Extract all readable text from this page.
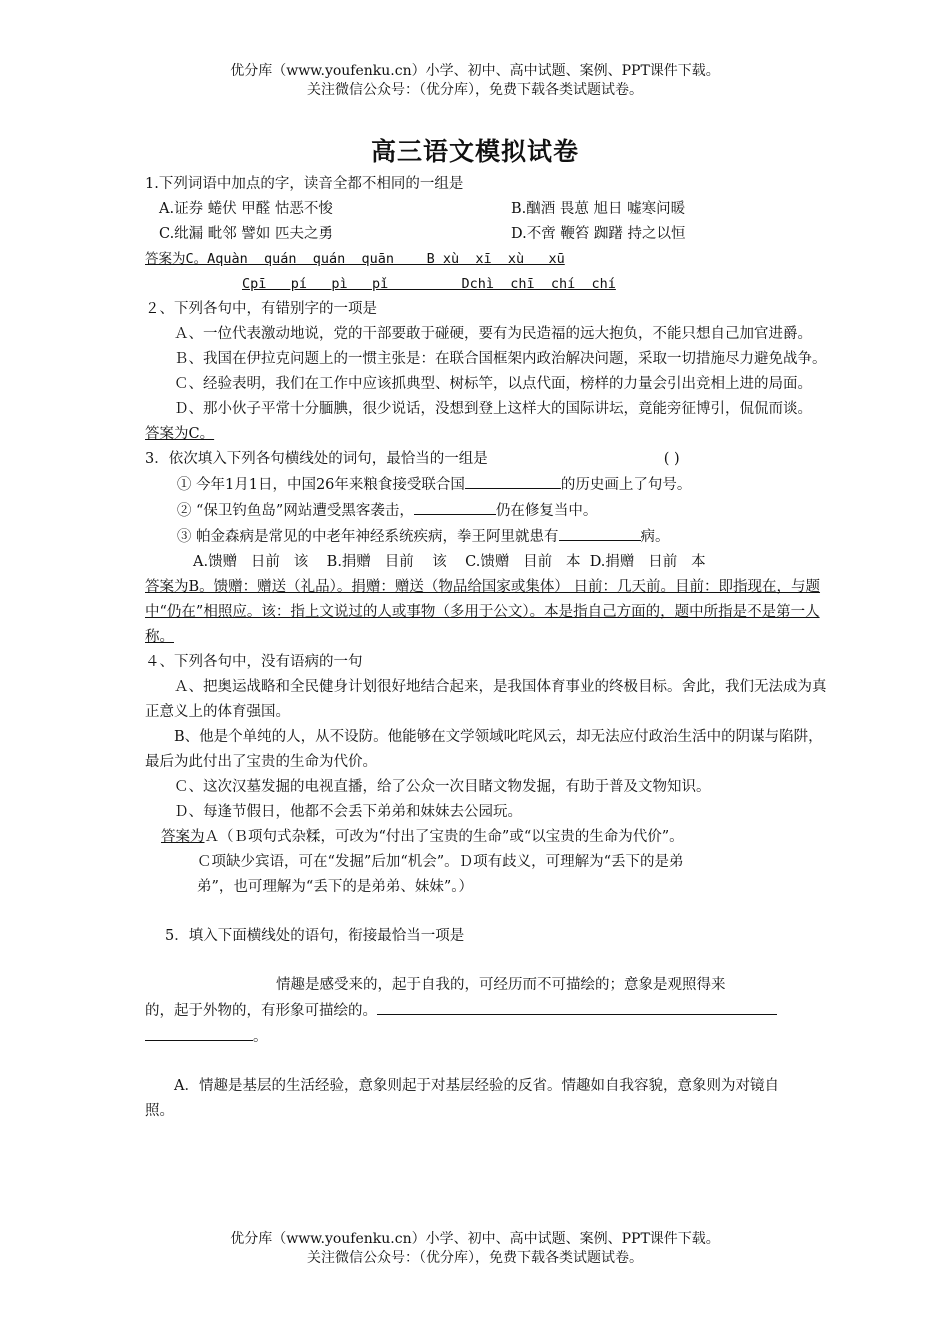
优分库（www.youfenku.cn）小学、初中、高中试题、案例、PPT课件下载。
关注微信公众号：（优分库），免费下载各类试题试卷。
高三语文模拟试卷

1.下列词语中加点的字，读音全都不相同的一组是

A.证券 蜷伏 甲醛 怙恶不悛	B.酗酒 畏葸 旭日 嘘寒问暖
C.纰漏 毗邻 譬如 匹夫之勇	D.不啻 鞭笞 踟躇 持之以恒

答案为C。Aquàn  quán  quán  quān    B xù  xī  xù   xū

Cpī   pí   pì   pǐ         Dchì  chī  chí  chí

２、下列各句中，有错别字的一项是

Ａ、一位代表激动地说，党的干部要敢于碰硬，要有为民造福的远大抱负，不能只想自己加官进爵。

Ｂ、我国在伊拉克问题上的一惯主张是：在联合国框架内政治解决问题，采取一切措施尽力避免战争。

Ｃ、经验表明，我们在工作中应该抓典型、树标竿，以点代面，榜样的力量会引出竞相上进的局面。

Ｄ、那小伙子平常十分腼腆，很少说话，没想到登上这样大的国际讲坛，竟能旁征博引，侃侃而谈。

答案为C。

3．依次填入下列各句横线处的词句，最恰当的一组是	( )

① 今年1月1日，中国26年来粮食接受联合国	的历史画上了句号。

② “保卫钓鱼岛”网站遭受黑客袭击，	仍在修复当中。

③ 帕金森病是常见的中老年神经系统疾病，拳王阿里就患有	病。

A.馈赠   日前   该    B.捐赠   目前    该    C.馈赠   目前   本  D.捐赠   日前   本

答案为B。馈赠：赠送（礼品）。捐赠：赠送（物品给国家或集体） 日前：几天前。目前：即指现在，与题中“仍在”相照应。该：指上文说过的人或事物（多用于公文）。本是指自己方面的，题中所指是不是第一人称。

４、下列各句中，没有语病的一句

Ａ、把奥运战略和全民健身计划很好地结合起来，是我国体育事业的终极目标。舍此，我们无法成为真正意义上的体育强国。

B、他是个单纯的人，从不设防。他能够在文学领域叱咤风云，却无法应付政治生活中的阴谋与陷阱，最后为此付出了宝贵的生命为代价。

Ｃ、这次汉墓发掘的电视直播，给了公众一次目睹文物发掘，有助于普及文物知识。

Ｄ、每逢节假日，他都不会丢下弟弟和妹妹去公园玩。

答案为Ａ（Ｂ项句式杂糅，可改为“付出了宝贵的生命”或“以宝贵的生命为代价”。

Ｃ项缺少宾语，可在“发掘”后加“机会”。Ｄ项有歧义，可理解为“丢下的是弟

弟”，也可理解为“丢下的是弟弟、妹妹”。）

5．填入下面横线处的语句，衔接最恰当一项是

情趣是感受来的，起于自我的，可经历而不可描绘的；意象是观照得来

的，起于外物的，有形象可描绘的。

。

A．情趣是基层的生活经验，意象则起于对基层经验的反省。情趣如自我容貌，意象则为对镜自照。

优分库（www.youfenku.cn）小学、初中、高中试题、案例、PPT课件下载。
关注微信公众号：（优分库），免费下载各类试题试卷。
